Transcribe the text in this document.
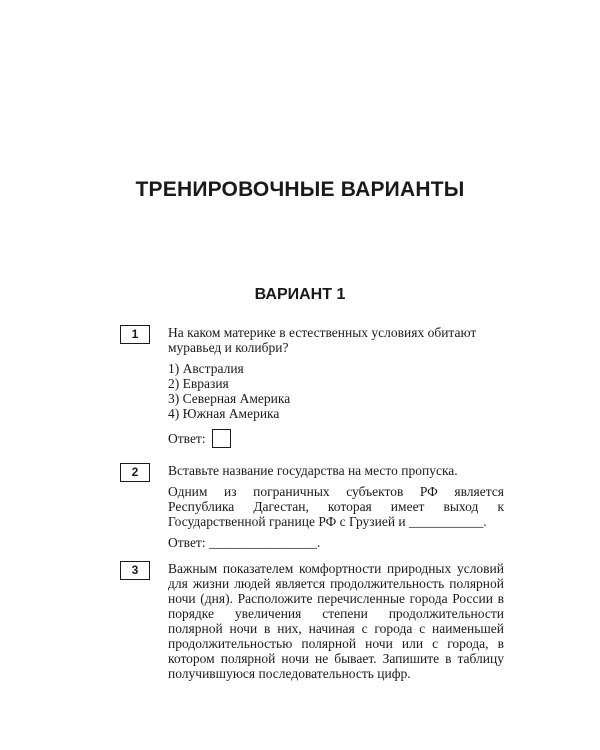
ТРЕНИРОВОЧНЫЕ ВАРИАНТЫ
ВАРИАНТ 1
1	На каком материке в естественных условиях обитают муравьед и колибри?

1) Австралия
2) Евразия
3) Северная Америка
4) Южная Америка
Ответ:
2	Вставьте название государства на место пропуска.

Одним из пограничных субъектов РФ является Республика Дагестан, которая имеет выход к Государственной границе РФ с Грузией и ___________.

Ответ: ________________.
3	Важным показателем комфортности природных условий для жизни людей является продолжительность полярной ночи (дня). Расположите перечисленные города России в порядке увеличения степени продолжительности полярной ночи в них, начиная с города с наименьшей продолжительностью полярной ночи или с города, в котором полярной ночи не бывает. Запишите в таблицу получившуюся последовательность цифр.
